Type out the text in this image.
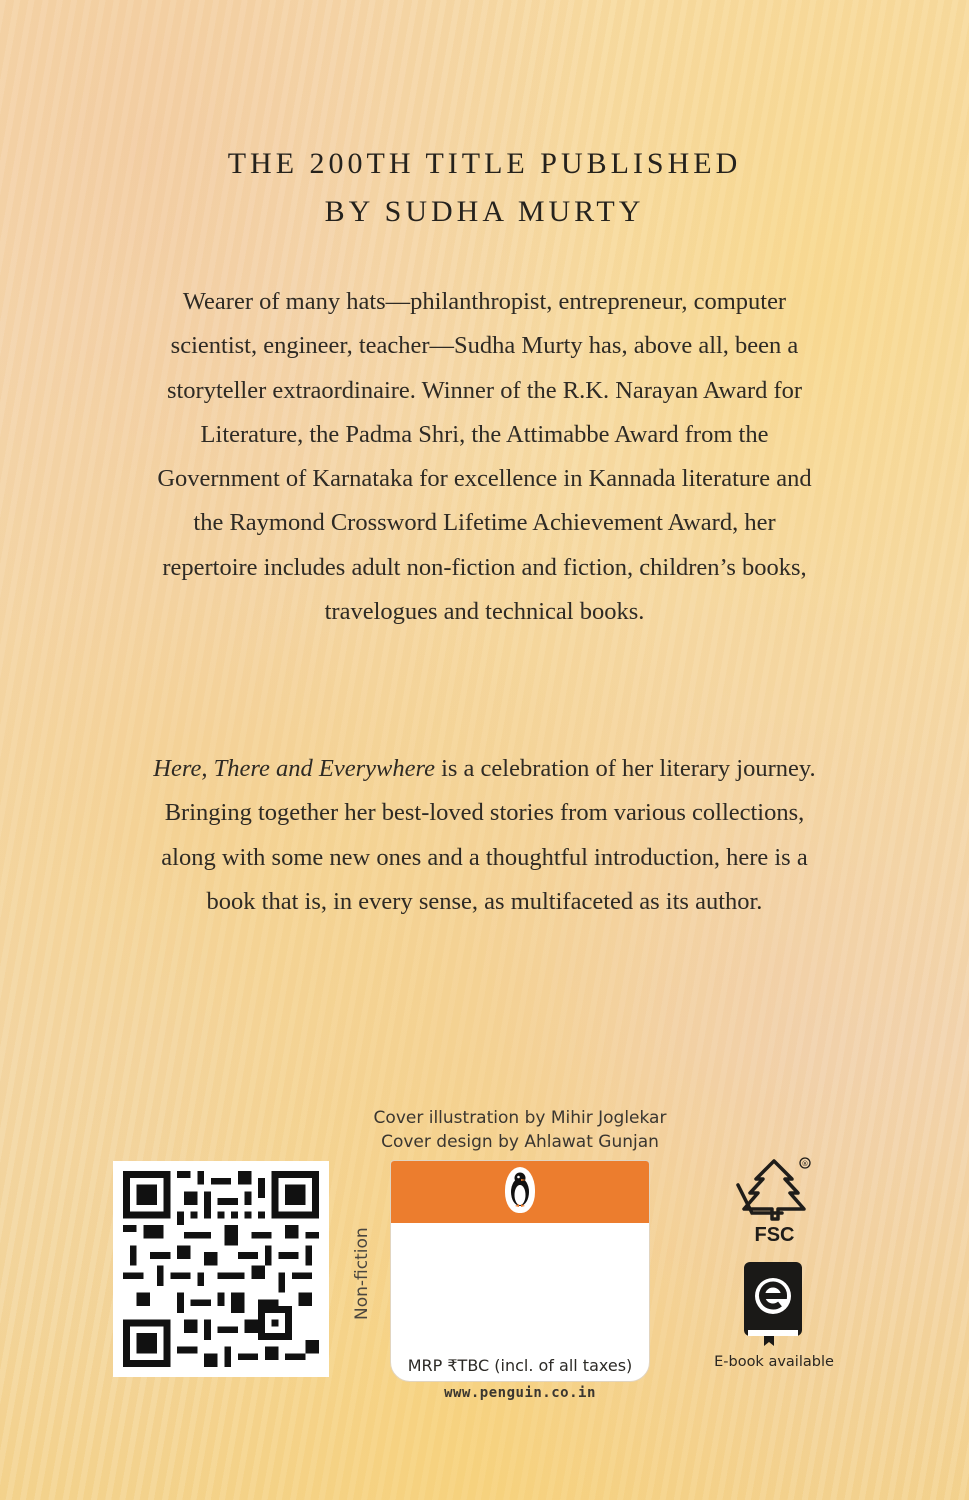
THE 200TH TITLE PUBLISHED
BY SUDHA MURTY
Wearer of many hats—philanthropist, entrepreneur, computer scientist, engineer, teacher—Sudha Murty has, above all, been a storyteller extraordinaire. Winner of the R.K. Narayan Award for Literature, the Padma Shri, the Attimabbe Award from the Government of Karnataka for excellence in Kannada literature and the Raymond Crossword Lifetime Achievement Award, her repertoire includes adult non-fiction and fiction, children’s books, travelogues and technical books.
Here, There and Everywhere is a celebration of her literary journey. Bringing together her best-loved stories from various collections, along with some new ones and a thoughtful introduction, here is a book that is, in every sense, as multifaceted as its author.
Cover illustration by Mihir Joglekar
Cover design by Ahlawat Gunjan
Non-fiction
MRP ₹TBC (incl. of all taxes)
www.penguin.co.in
®
FSC
E-book available
